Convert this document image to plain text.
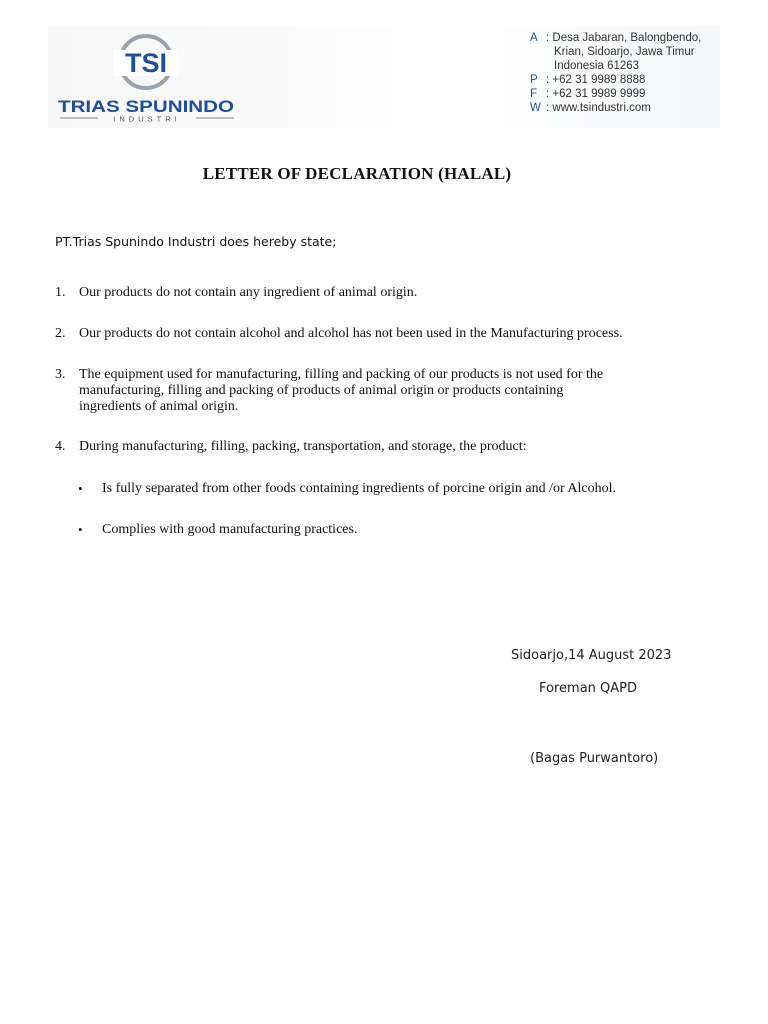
TSI
TRIAS SPUNINDO
INDUSTRI
A : Desa Jabaran, Balongbendo,
Krian, Sidoarjo, Jawa Timur
Indonesia 61263
P : +62 31 9989 8888
F : +62 31 9989 9999
W : www.tsindustri.com
LETTER OF DECLARATION (HALAL)
PT.Trias Spunindo Industri does hereby state;
1. Our products do not contain any ingredient of animal origin.
2. Our products do not contain alcohol and alcohol has not been used in the Manufacturing process.
3. The equipment used for manufacturing, filling and packing of our products is not used for the manufacturing, filling and packing of products of animal origin or products containing ingredients of animal origin.
4. During manufacturing, filling, packing, transportation, and storage, the product:
• Is fully separated from other foods containing ingredients of porcine origin and /or Alcohol.
• Complies with good manufacturing practices.
Sidoarjo,14 August 2023
Foreman QAPD
(Bagas Purwantoro)
